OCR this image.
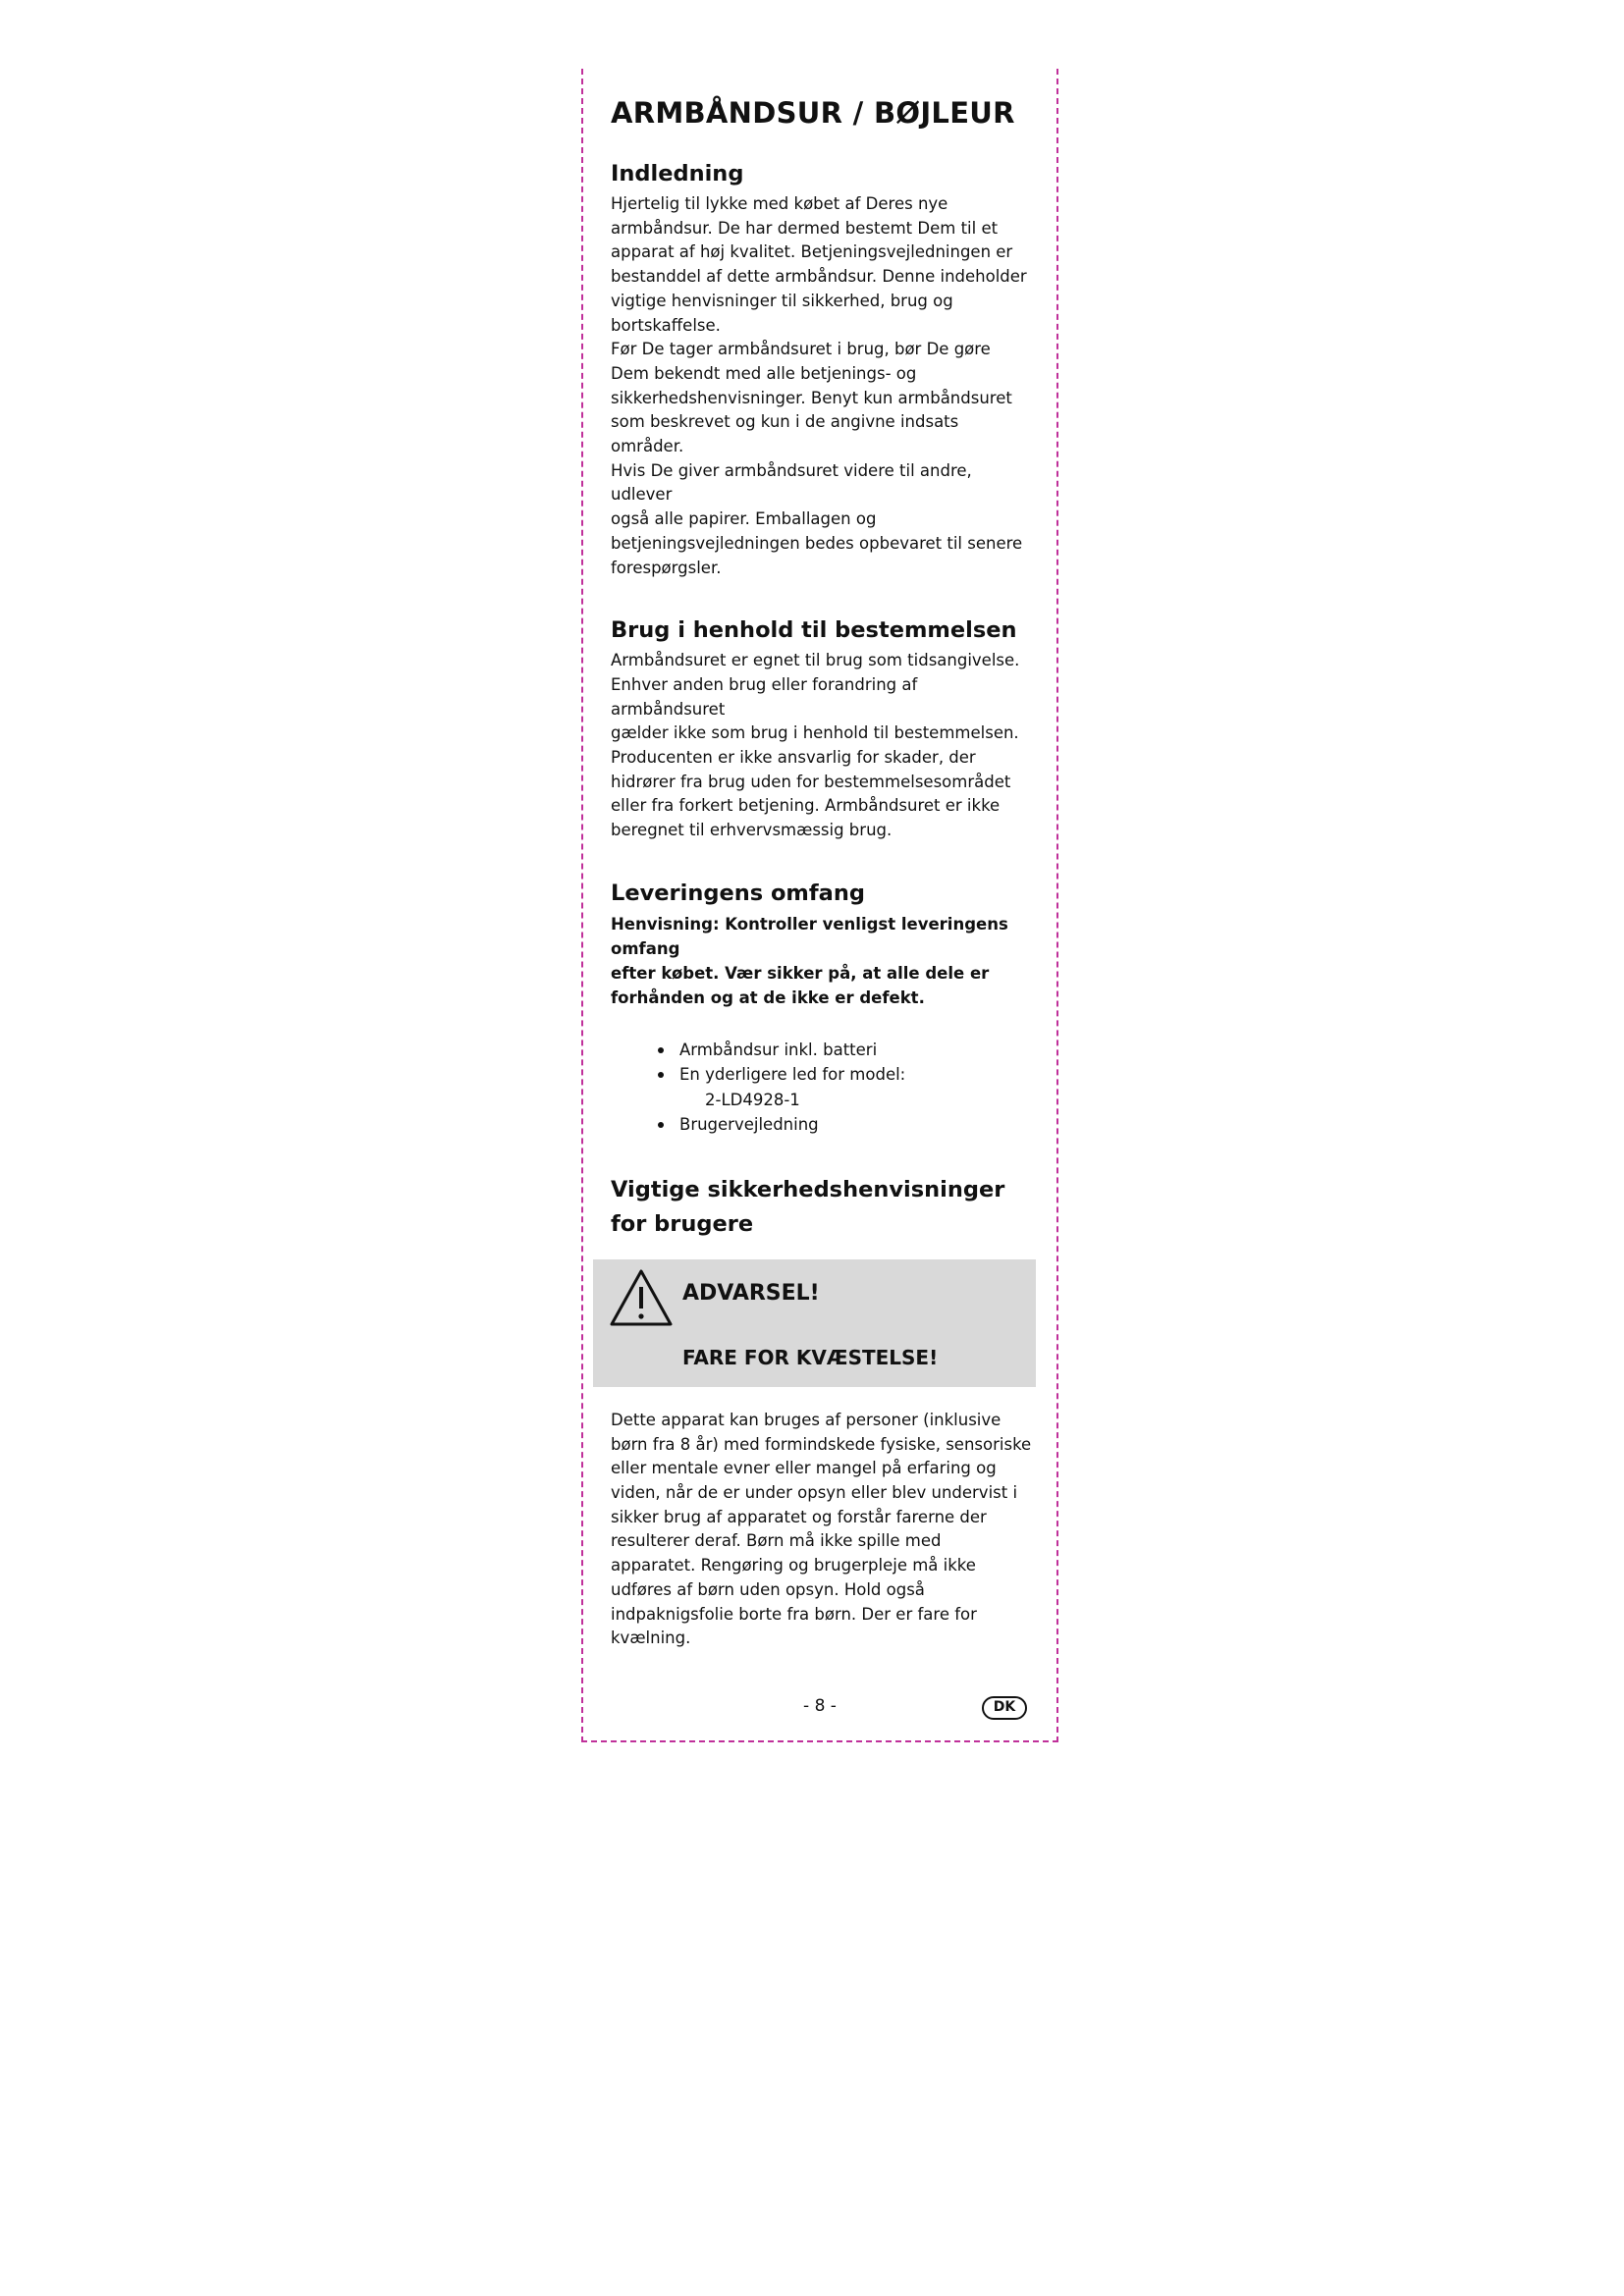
ARMBÅNDSUR / BØJLEUR
Indledning

Hjertelig til lykke med købet af Deres nye
armbåndsur. De har dermed bestemt Dem til et
apparat af høj kvalitet. Betjeningsvejledningen er
bestanddel af dette armbåndsur. Denne indeholder
vigtige henvisninger til sikkerhed, brug og
bortskaffelse.
Før De tager armbåndsuret i brug, bør De gøre
Dem bekendt med alle betjenings- og
sikkerhedshenvisninger. Benyt kun armbåndsuret
som beskrevet og kun i de angivne indsats områder.
Hvis De giver armbåndsuret videre til andre, udlever
også alle papirer. Emballagen og
betjeningsvejledningen bedes opbevaret til senere
forespørgsler.

Brug i henhold til bestemmelsen

Armbåndsuret er egnet til brug som tidsangivelse.
Enhver anden brug eller forandring af armbåndsuret
gælder ikke som brug i henhold til bestemmelsen.
Producenten er ikke ansvarlig for skader, der
hidrører fra brug uden for bestemmelsesområdet
eller fra forkert betjening. Armbåndsuret er ikke
beregnet til erhvervsmæssig brug.

Leveringens omfang

Henvisning: Kontroller venligst leveringens omfang
efter købet. Vær sikker på, at alle dele er
forhånden og at de ikke er defekt.

Armbåndsur inkl. batteri
En yderligere led for model:
2-LD4928-1
Brugervejledning
Vigtige sikkerhedshenvisninger
for brugere
ADVARSEL!
FARE FOR KVÆSTELSE!

Dette apparat kan bruges af personer (inklusive
børn fra 8 år) med formindskede fysiske, sensoriske
eller mentale evner eller mangel på erfaring og
viden, når de er under opsyn eller blev undervist i
sikker brug af apparatet og forstår farerne der
resulterer deraf. Børn må ikke spille med
apparatet. Rengøring og brugerpleje må ikke
udføres af børn uden opsyn. Hold også
indpaknigsfolie borte fra børn. Der er fare for
kvælning.

- 8 -	DK
